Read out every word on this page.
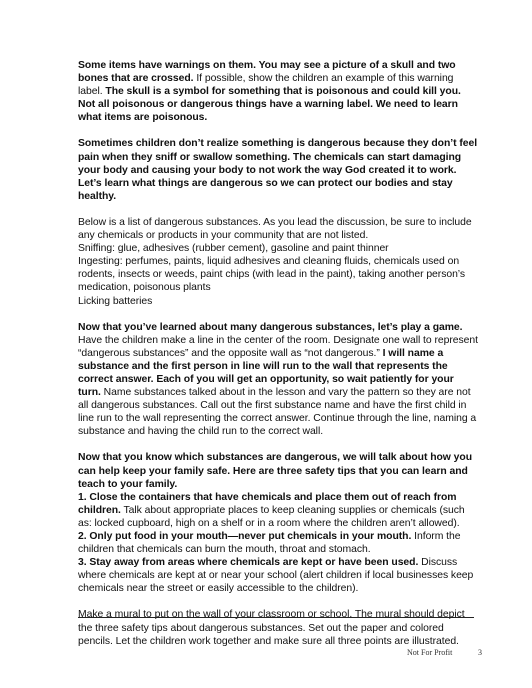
Some items have warnings on them. You may see a picture of a skull and two
bones that are crossed. If possible, show the children an example of this warning
label. The skull is a symbol for something that is poisonous and could kill you.
Not all poisonous or dangerous things have a warning label. We need to learn
what items are poisonous.

Sometimes children don’t realize something is dangerous because they don’t feel
pain when they sniff or swallow something. The chemicals can start damaging
your body and causing your body to not work the way God created it to work.
Let’s learn what things are dangerous so we can protect our bodies and stay
healthy.

Below is a list of dangerous substances. As you lead the discussion, be sure to include
any chemicals or products in your community that are not listed.
Sniffing: glue, adhesives (rubber cement), gasoline and paint thinner
Ingesting: perfumes, paints, liquid adhesives and cleaning fluids, chemicals used on
rodents, insects or weeds, paint chips (with lead in the paint), taking another person’s
medication, poisonous plants
Licking batteries

Now that you’ve learned about many dangerous substances, let’s play a game.
Have the children make a line in the center of the room. Designate one wall to represent
“dangerous substances” and the opposite wall as “not dangerous.” I will name a
substance and the first person in line will run to the wall that represents the
correct answer. Each of you will get an opportunity, so wait patiently for your
turn. Name substances talked about in the lesson and vary the pattern so they are not
all dangerous substances. Call out the first substance name and have the first child in
line run to the wall representing the correct answer. Continue through the line, naming a
substance and having the child run to the correct wall.

Now that you know which substances are dangerous, we will talk about how you
can help keep your family safe. Here are three safety tips that you can learn and
teach to your family.
1. Close the containers that have chemicals and place them out of reach from
children. Talk about appropriate places to keep cleaning supplies or chemicals (such
as: locked cupboard, high on a shelf or in a room where the children aren’t allowed).
2. Only put food in your mouth—never put chemicals in your mouth. Inform the
children that chemicals can burn the mouth, throat and stomach.
3. Stay away from areas where chemicals are kept or have been used. Discuss
where chemicals are kept at or near your school (alert children if local businesses keep
chemicals near the street or easily accessible to the children).

Make a mural to put on the wall of your classroom or school. The mural should depict
the three safety tips about dangerous substances. Set out the paper and colored
pencils. Let the children work together and make sure all three points are illustrated.

Not For Profit	3
